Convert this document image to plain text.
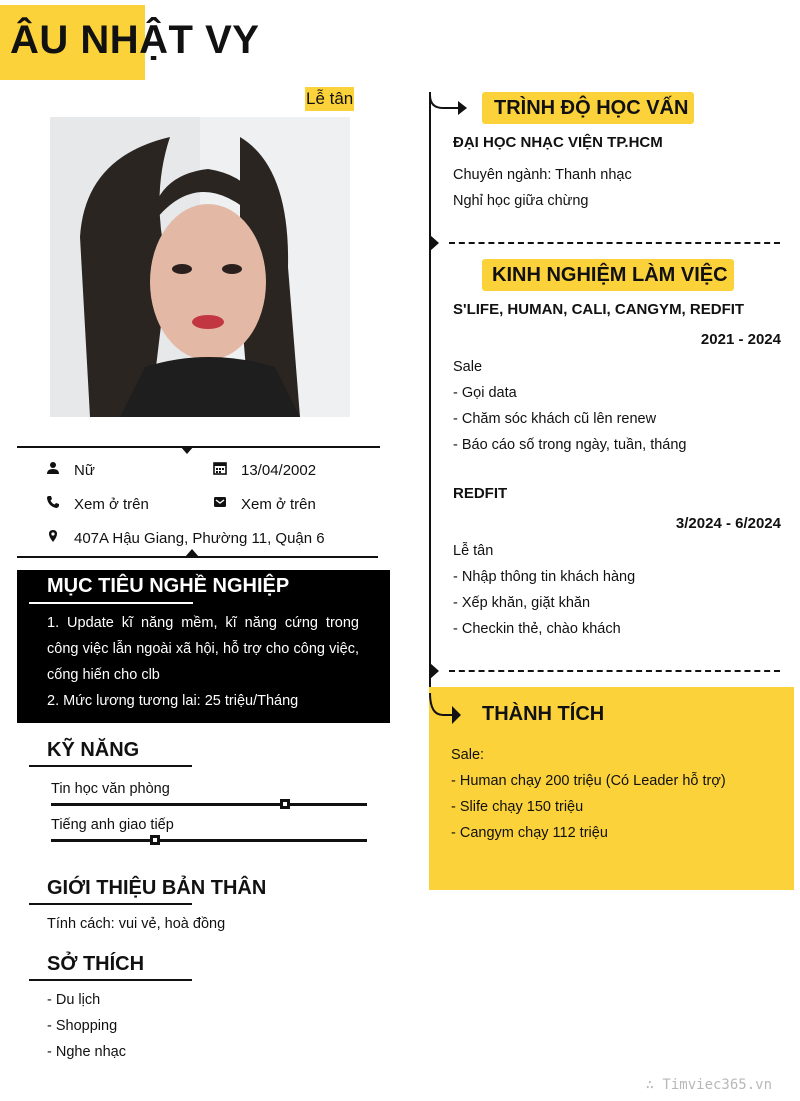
ÂU NHẬT VY
Lễ tân
Nữ	13/04/2002
Xem ở trên	Xem ở trên
407A Hậu Giang, Phường 11, Quận 6
MỤC TIÊU NGHỀ NGHIỆP
1. Update kĩ năng mềm, kĩ năng cứng trong công việc lẫn ngoài xã hội, hỗ trợ cho công việc, cống hiến cho clb
2. Mức lương tương lai: 25 triệu/Tháng
KỸ NĂNG
Tin học văn phòng
Tiếng anh giao tiếp
GIỚI THIỆU BẢN THÂN
Tính cách: vui vẻ, hoà đồng
SỞ THÍCH
- Du lịch
- Shopping
- Nghe nhạc
TRÌNH ĐỘ HỌC VẤN
ĐẠI HỌC NHẠC VIỆN TP.HCM
Chuyên ngành: Thanh nhạc
Nghỉ học giữa chừng
KINH NGHIỆM LÀM VIỆC
S'LIFE, HUMAN, CALI, CANGYM, REDFIT
2021 - 2024
Sale
- Gọi data
- Chăm sóc khách cũ lên renew
- Báo cáo số trong ngày, tuần, tháng
REDFIT
3/2024 - 6/2024
Lễ tân
- Nhập thông tin khách hàng
- Xếp khăn, giặt khăn
- Checkin thẻ, chào khách
THÀNH TÍCH
Sale:
- Human chạy 200 triệu (Có Leader hỗ trợ)
- Slife chạy 150 triệu
- Cangym chạy 112 triệu
∴ Timviec365.vn
